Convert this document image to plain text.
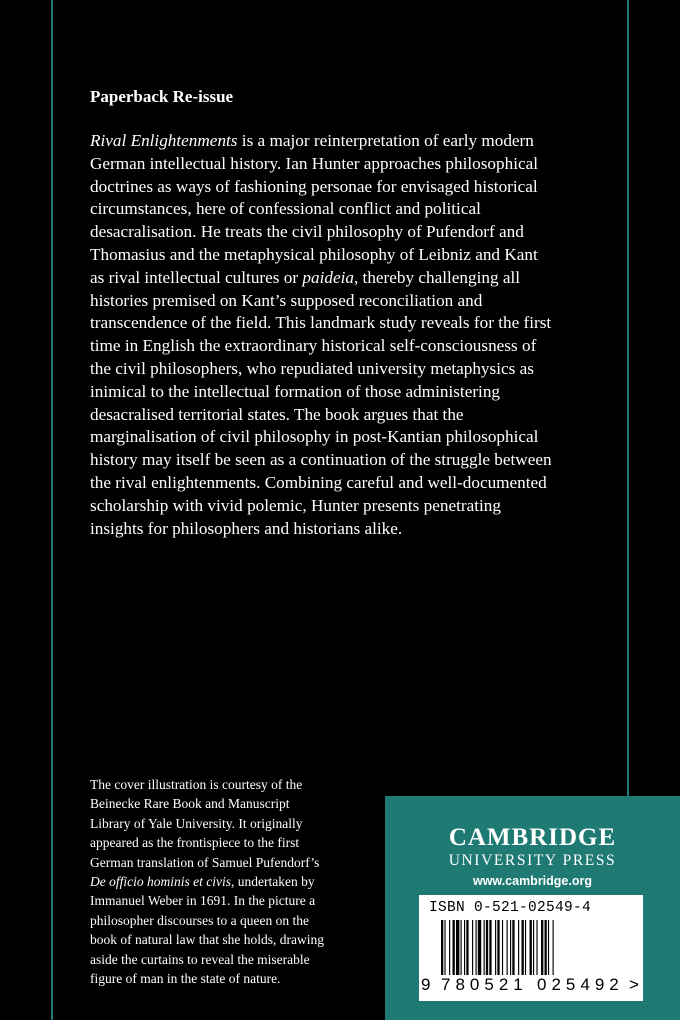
Paperback Re-issue
Rival Enlightenments is a major reinterpretation of early modern
German intellectual history. Ian Hunter approaches philosophical
doctrines as ways of fashioning personae for envisaged historical
circumstances, here of confessional conflict and political
desacralisation. He treats the civil philosophy of Pufendorf and
Thomasius and the metaphysical philosophy of Leibniz and Kant
as rival intellectual cultures or paideia, thereby challenging all
histories premised on Kant’s supposed reconciliation and
transcendence of the field. This landmark study reveals for the first
time in English the extraordinary historical self-consciousness of
the civil philosophers, who repudiated university metaphysics as
inimical to the intellectual formation of those administering
desacralised territorial states. The book argues that the
marginalisation of civil philosophy in post-Kantian philosophical
history may itself be seen as a continuation of the struggle between
the rival enlightenments. Combining careful and well-documented
scholarship with vivid polemic, Hunter presents penetrating
insights for philosophers and historians alike.
The cover illustration is courtesy of the
Beinecke Rare Book and Manuscript
Library of Yale University. It originally
appeared as the frontispiece to the first
German translation of Samuel Pufendorf’s
De officio hominis et civis, undertaken by
Immanuel Weber in 1691. In the picture a
philosopher discourses to a queen on the
book of natural law that she holds, drawing
aside the curtains to reveal the miserable
figure of man in the state of nature.
CAMBRIDGE
UNIVERSITY PRESS
www.cambridge.org
ISBN 0-521-02549-4
9 780521 025492 >
